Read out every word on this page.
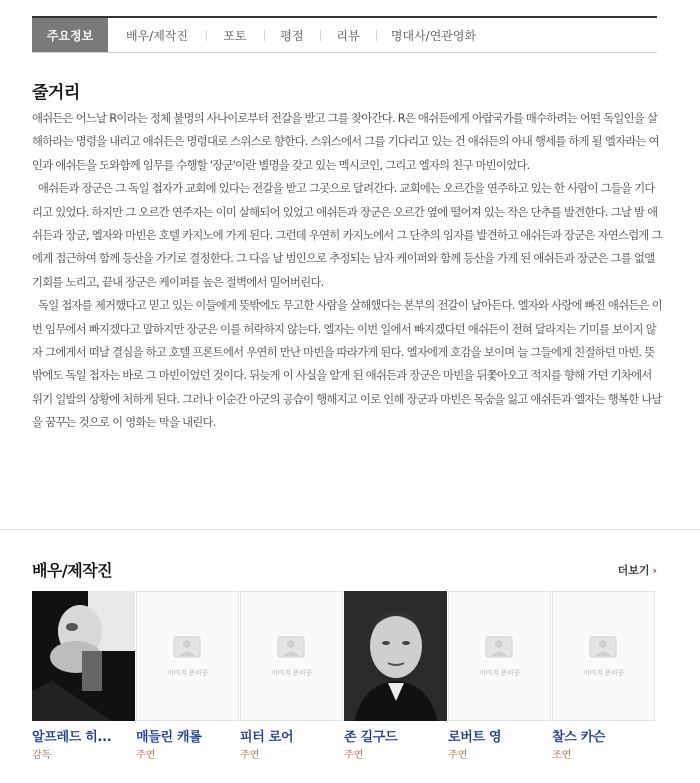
주요정보	배우/제작진	포토	평점	리뷰	명대사/연관영화
줄거리

애쉬든은 어느날 R이라는 정체 불명의 사나이로부터 전갈을 받고 그를 찾아간다. R은 애쉬든에게 아랍국가를 매수하려는 어떤 독일인을 살해하라는 명령을 내리고 애쉬든은 명령대로 스위스로 향한다. 스위스에서 그를 기다리고 있는 건 애쉬든의 아내 행세를 하게 될 엘자라는 여인과 애쉬든을 도와함께 임무를 수행할 '장군'이란 별명을 갖고 있는 멕시코인, 그리고 엘자의 친구 마빈이었다.

애쉬든과 장군은 그 독일 첩자가 교회에 있다는 전갈을 받고 그곳으로 달려간다. 교회에는 오르간을 연주하고 있는 한 사람이 그들을 기다리고 있었다. 하지만 그 오르간 연주자는 이미 살해되어 있었고 애쉬든과 장군은 오르간 옆에 떨어져 있는 작은 단추를 발견한다. 그날 밤 애쉬든과 장군, 엘자와 마빈은 호텔 카지노에 가게 된다. 그런데 우연히 카지노에서 그 단추의 임자를 발견하고 애쉬든과 장군은 자연스럽게 그에게 접근하여 함께 등산을 가기로 결정한다. 그 다음 날 범인으로 추정되는 남자 케이퍼와 함께 등산을 가게 된 애쉬든과 장군은 그를 없앨 기회를 노리고, 끝내 장군은 케이퍼를 높은 절벽에서 밀어버린다.

독일 첩자를 제거했다고 믿고 있는 이들에게 뜻밖에도 무고한 사람을 살해했다는 본부의 전갈이 날아든다. 엘자와 사랑에 빠진 애쉬든은 이번 임무에서 빠지겠다고 말하지만 장군은 이를 허락하지 않는다. 엘자는 이번 일에서 빠지겠다던 애쉬든이 전혀 달라지는 기미를 보이지 않자 그에게서 떠날 결심을 하고 호텔 프론트에서 우연히 만난 마빈을 따라가게 된다. 엘자에게 호감을 보이며 늘 그들에게 친절하던 마빈. 뜻밖에도 독일 첩자는 바로 그 마빈이었던 것이다. 뒤늦게 이 사실을 알게 된 애쉬든과 장군은 마빈을 뒤쫓아오고 적지를 향해 가던 기차에서 위기 일발의 상황에 처하게 된다. 그러나 이순간 아군의 공습이 행해지고 이로 인해 장군과 마빈은 목숨을 잃고 애쉬든과 엘자는 행복한 나날을 꿈꾸는 것으로 이 영화는 막을 내린다.

배우/제작진	더보기 ›
알프레드 히...
감독
이미지 준비중
매들린 캐롤
주연
이미지 준비중
피터 로어
주연
존 길구드
주연
이미지 준비중
로버트 영
주연
이미지 준비중
찰스 카슨
조연
